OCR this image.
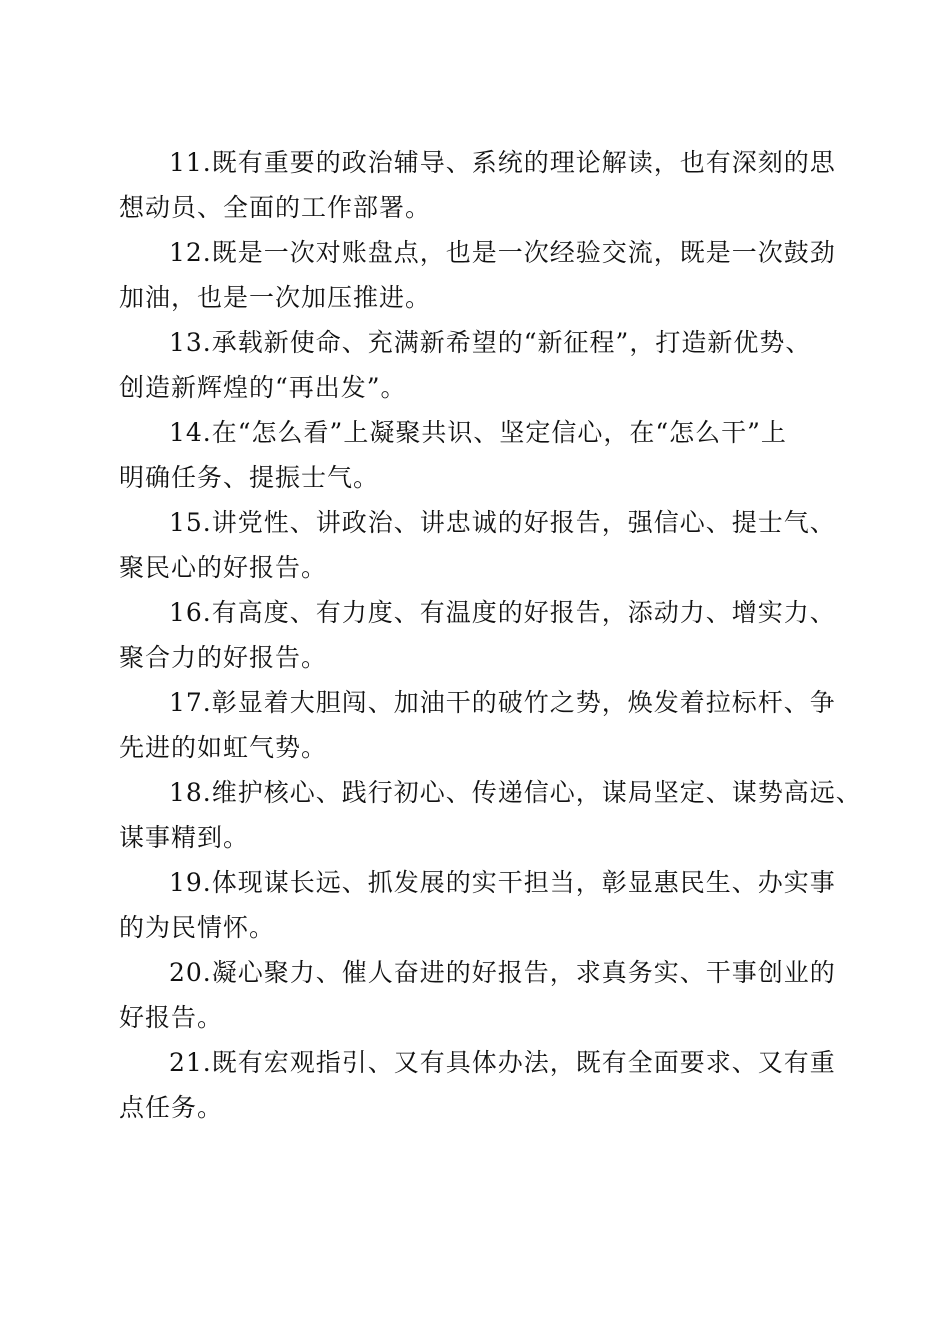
11.既有重要的政治辅导、系统的理论解读，也有深刻的思
想动员、全面的工作部署。

12.既是一次对账盘点，也是一次经验交流，既是一次鼓劲
加油，也是一次加压推进。

13.承载新使命、充满新希望的“新征程”，打造新优势、
创造新辉煌的“再出发”。

14.在“怎么看”上凝聚共识、坚定信心，在“怎么干”上
明确任务、提振士气。

15.讲党性、讲政治、讲忠诚的好报告，强信心、提士气、
聚民心的好报告。

16.有高度、有力度、有温度的好报告，添动力、增实力、
聚合力的好报告。

17.彰显着大胆闯、加油干的破竹之势，焕发着拉标杆、争
先进的如虹气势。

18.维护核心、践行初心、传递信心，谋局坚定、谋势高远、
谋事精到。

19.体现谋长远、抓发展的实干担当，彰显惠民生、办实事
的为民情怀。

20.凝心聚力、催人奋进的好报告，求真务实、干事创业的
好报告。

21.既有宏观指引、又有具体办法，既有全面要求、又有重
点任务。
